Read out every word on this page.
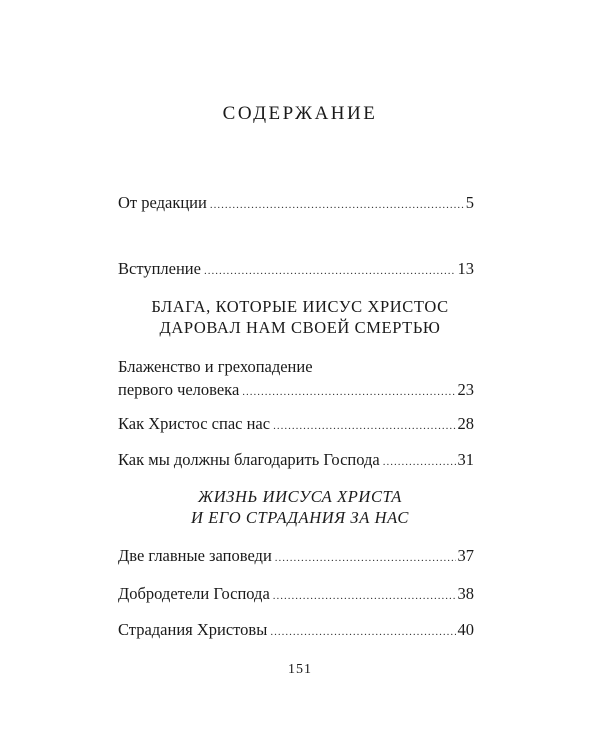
СОДЕРЖАНИЕ
От редакции .....	5
Вступление .....	13
БЛАГА, КОТОРЫЕ ИИСУС ХРИСТОС
ДАРОВАЛ НАМ СВОЕЙ СМЕРТЬЮ
Блаженство и грехопадение
первого человека .....	23
Как Христос спас нас .....	28
Как мы должны благодарить Господа .....	31
ЖИЗНЬ ИИСУСА ХРИСТА
И ЕГО СТРАДАНИЯ ЗА НАС
Две главные заповеди .....	37
Добродетели Господа .....	38
Страдания Христовы .....	40
151
